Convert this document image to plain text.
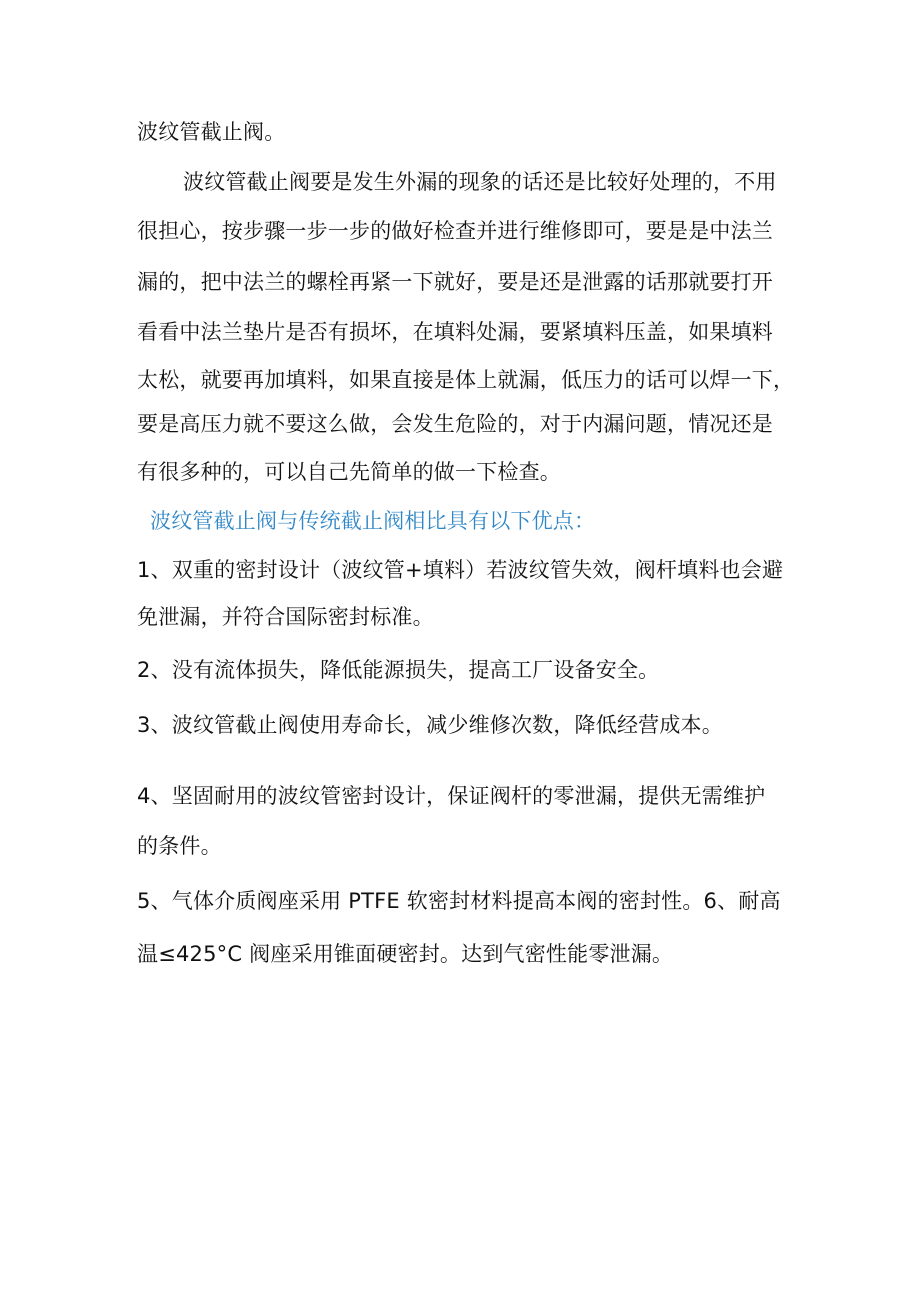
波纹管截止阀。
波纹管截止阀要是发生外漏的现象的话还是比较好处理的，不用
很担心，按步骤一步一步的做好检查并进行维修即可，要是是中法兰
漏的，把中法兰的螺栓再紧一下就好，要是还是泄露的话那就要打开
看看中法兰垫片是否有损坏，在填料处漏，要紧填料压盖，如果填料
太松，就要再加填料，如果直接是体上就漏，低压力的话可以焊一下，
要是高压力就不要这么做，会发生危险的，对于内漏问题，情况还是
有很多种的，可以自己先简单的做一下检查。
波纹管截止阀与传统截止阀相比具有以下优点：
1、双重的密封设计（波纹管+填料）若波纹管失效，阀杆填料也会避
免泄漏，并符合国际密封标准。
2、没有流体损失，降低能源损失，提高工厂设备安全。
3、波纹管截止阀使用寿命长，减少维修次数，降低经营成本。
4、坚固耐用的波纹管密封设计，保证阀杆的零泄漏，提供无需维护
的条件。
5、气体介质阀座采用 PTFE 软密封材料提高本阀的密封性。6、耐高
温≤425°C 阀座采用锥面硬密封。达到气密性能零泄漏。
